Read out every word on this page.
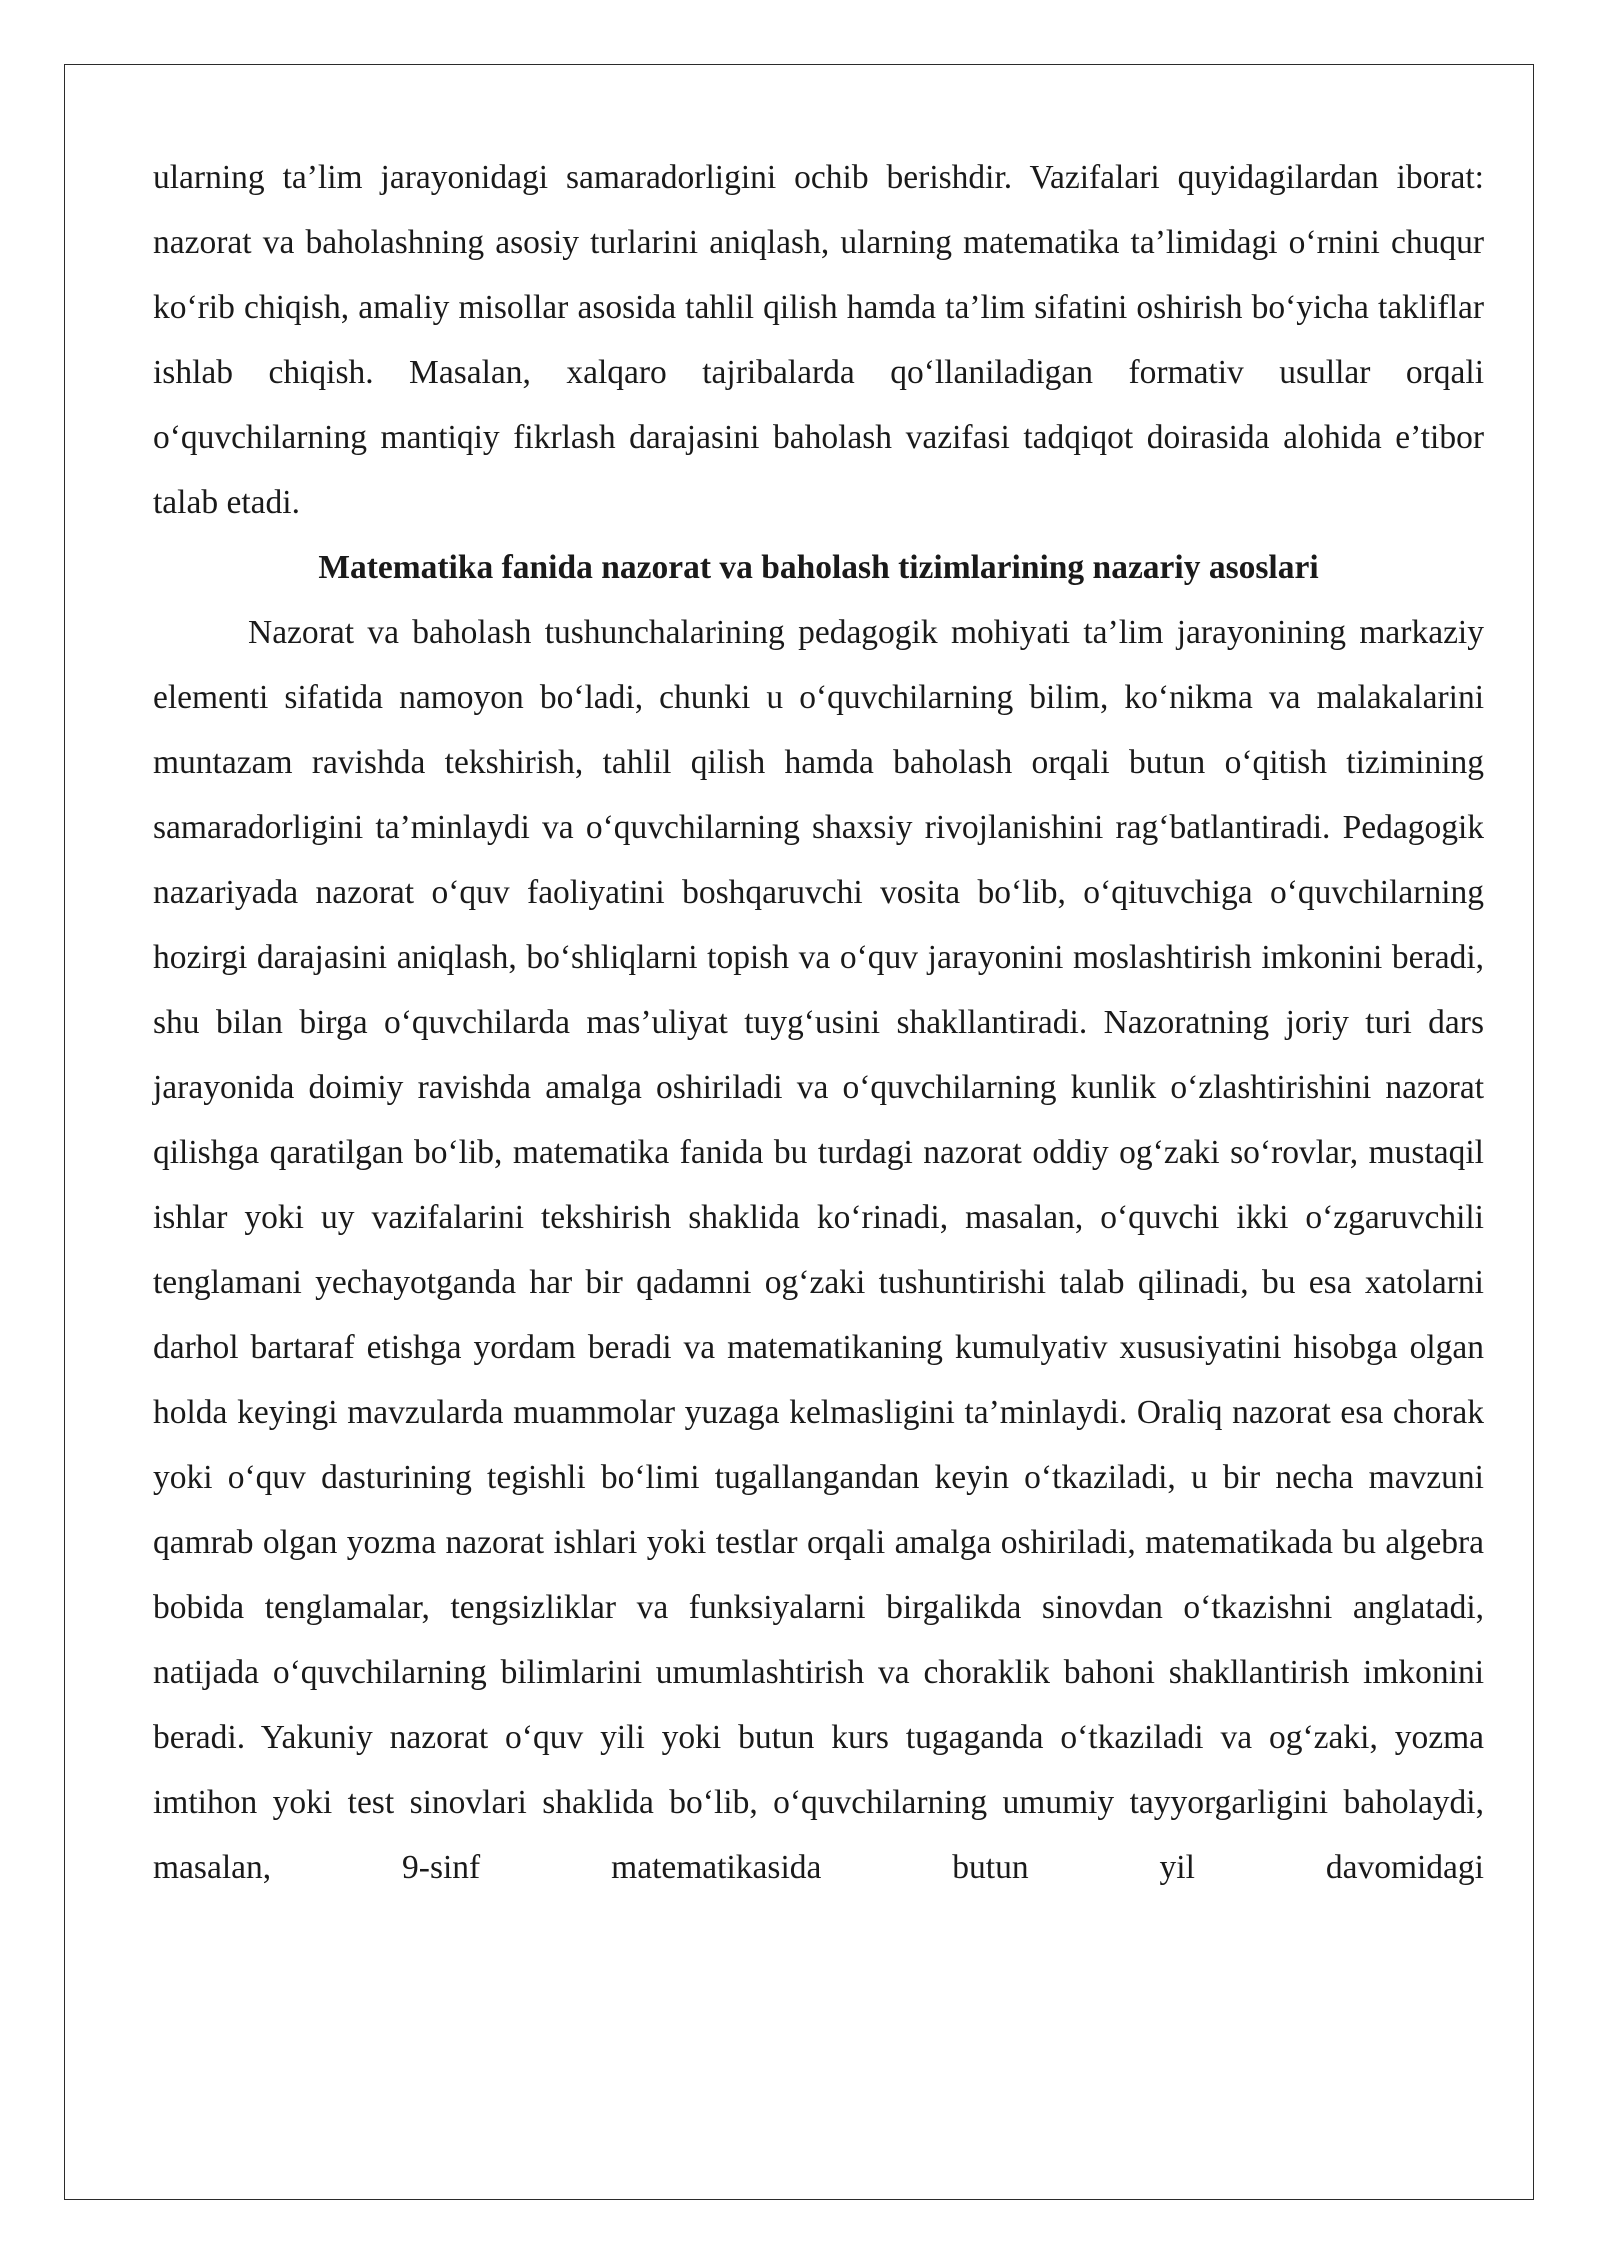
ularning ta’lim jarayonidagi samaradorligini ochib berishdir. Vazifalari quyidagilardan iborat: nazorat va baholashning asosiy turlarini aniqlash, ularning matematika ta’limidagi o‘rnini chuqur ko‘rib chiqish, amaliy misollar asosida tahlil qilish hamda ta’lim sifatini oshirish bo‘yicha takliflar ishlab chiqish. Masalan, xalqaro tajribalarda qo‘llaniladigan formativ usullar orqali o‘quvchilarning mantiqiy fikrlash darajasini baholash vazifasi tadqiqot doirasida alohida e’tibor talab etadi.

Matematika fanida nazorat va baholash tizimlarining nazariy asoslari

Nazorat va baholash tushunchalarining pedagogik mohiyati ta’lim jarayonining markaziy elementi sifatida namoyon bo‘ladi, chunki u o‘quvchilarning bilim, ko‘nikma va malakalarini muntazam ravishda tekshirish, tahlil qilish hamda baholash orqali butun o‘qitish tizimining samaradorligini ta’minlaydi va o‘quvchilarning shaxsiy rivojlanishini rag‘batlantiradi. Pedagogik nazariyada nazorat o‘quv faoliyatini boshqaruvchi vosita bo‘lib, o‘qituvchiga o‘quvchilarning hozirgi darajasini aniqlash, bo‘shliqlarni topish va o‘quv jarayonini moslashtirish imkonini beradi, shu bilan birga o‘quvchilarda mas’uliyat tuyg‘usini shakllantiradi. Nazoratning joriy turi dars jarayonida doimiy ravishda amalga oshiriladi va o‘quvchilarning kunlik o‘zlashtirishini nazorat qilishga qaratilgan bo‘lib, matematika fanida bu turdagi nazorat oddiy og‘zaki so‘rovlar, mustaqil ishlar yoki uy vazifalarini tekshirish shaklida ko‘rinadi, masalan, o‘quvchi ikki o‘zgaruvchili tenglamani yechayotganda har bir qadamni og‘zaki tushuntirishi talab qilinadi, bu esa xatolarni darhol bartaraf etishga yordam beradi va matematikaning kumulyativ xususiyatini hisobga olgan holda keyingi mavzularda muammolar yuzaga kelmasligini ta’minlaydi. Oraliq nazorat esa chorak yoki o‘quv dasturining tegishli bo‘limi tugallangandan keyin o‘tkaziladi, u bir necha mavzuni qamrab olgan yozma nazorat ishlari yoki testlar orqali amalga oshiriladi, matematikada bu algebra bobida tenglamalar, tengsizliklar va funksiyalarni birgalikda sinovdan o‘tkazishni anglatadi, natijada o‘quvchilarning bilimlarini umumlashtirish va choraklik bahoni shakllantirish imkonini beradi. Yakuniy nazorat o‘quv yili yoki butun kurs tugaganda o‘tkaziladi va og‘zaki, yozma imtihon yoki test sinovlari shaklida bo‘lib, o‘quvchilarning umumiy tayyorgarligini baholaydi, masalan, 9-sinf matematikasida butun yil davomidagi
